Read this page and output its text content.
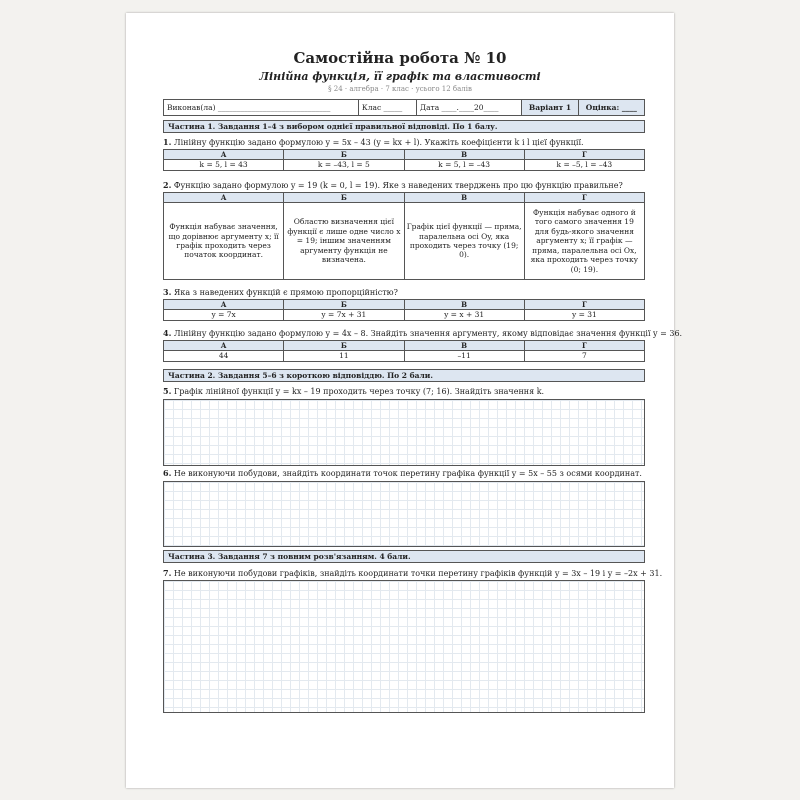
Самостійна робота № 10
Лінійна функція, її графік та властивості
§ 24 · алгебра · 7 клас · усього 12 балів
Виконав(ла) ______________________________	Клас _____	Дата ____.____20____	Варіант 1	Оцінка: ____
Частина 1. Завдання 1–4 з вибором однієї правильної відповіді. По 1 балу.
1. Лінійну функцію задано формулою y = 5x – 43 (y = kx + l). Укажіть коефіцієнти k і l цієї функції.
А	Б	В	Г
k = 5, l = 43	k = –43, l = 5	k = 5, l = –43	k = –5, l = –43
2. Функцію задано формулою y = 19 (k = 0, l = 19). Яке з наведених тверджень про цю функцію правильне?
А	Б	В	Г
Функція набуває значення, що дорівнює аргументу x; її графік проходить через початок координат.	Областю визначення цієї функції є лише одне число x = 19; іншим значенням аргументу функція не визначена.	Графік цієї функції — пряма, паралельна осі Oy, яка проходить через точку (19; 0).	Функція набуває одного й того самого значення 19 для будь-якого значення аргументу x; її графік — пряма, паралельна осі Ox, яка проходить через точку (0; 19).
3. Яка з наведених функцій є прямою пропорційністю?
А	Б	В	Г
y = 7x	y = 7x + 31	y = x + 31	y = 31
4. Лінійну функцію задано формулою y = 4x – 8. Знайдіть значення аргументу, якому відповідає значення функції y = 36.
А	Б	В	Г
44	11	–11	7
Частина 2. Завдання 5–6 з короткою відповіддю. По 2 бали.
5. Графік лінійної функції y = kx – 19 проходить через точку (7; 16). Знайдіть значення k.
6. Не виконуючи побудови, знайдіть координати точок перетину графіка функції y = 5x – 55 з осями координат.
Частина 3. Завдання 7 з повним розв'язанням. 4 бали.
7. Не виконуючи побудови графіків, знайдіть координати точки перетину графіків функцій y = 3x – 19 і y = –2x + 31.
